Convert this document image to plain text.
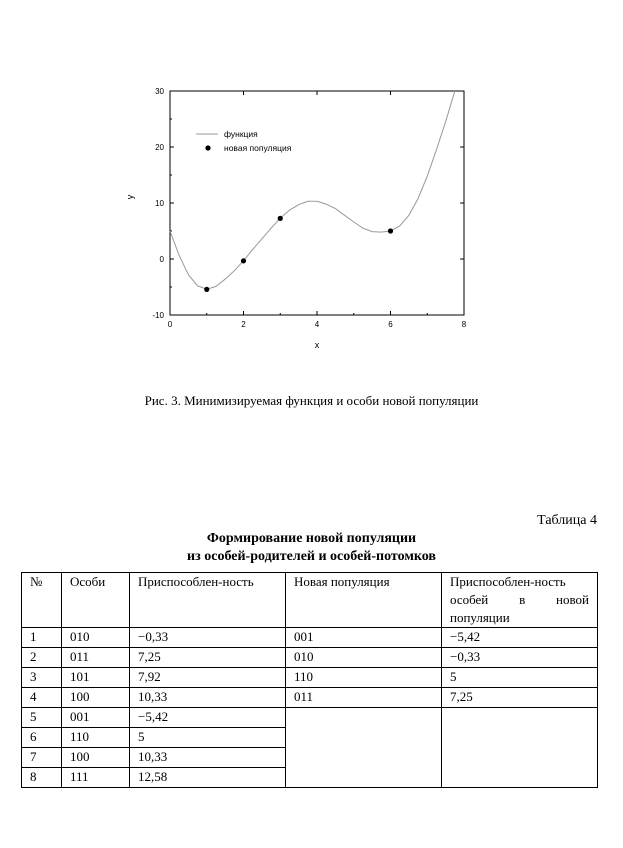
0	2	4	6	8
-10
0
10
20
30
x
y
функция
новая популяция
Рис. 3. Минимизируемая функция и особи новой популяции
Таблица 4
Формирование новой популяции
из особей-родителей и особей-потомков
№	Особи	Приспособлен-ность	Новая популяция	Приспособлен-ность особей в новой популяции
1	010	−0,33	001	−5,42
2	011	7,25	010	−0,33
3	101	7,92	110	5
4	100	10,33	011	7,25
5	001	−5,42		
6	110	5		
7	100	10,33		
8	111	12,58		
